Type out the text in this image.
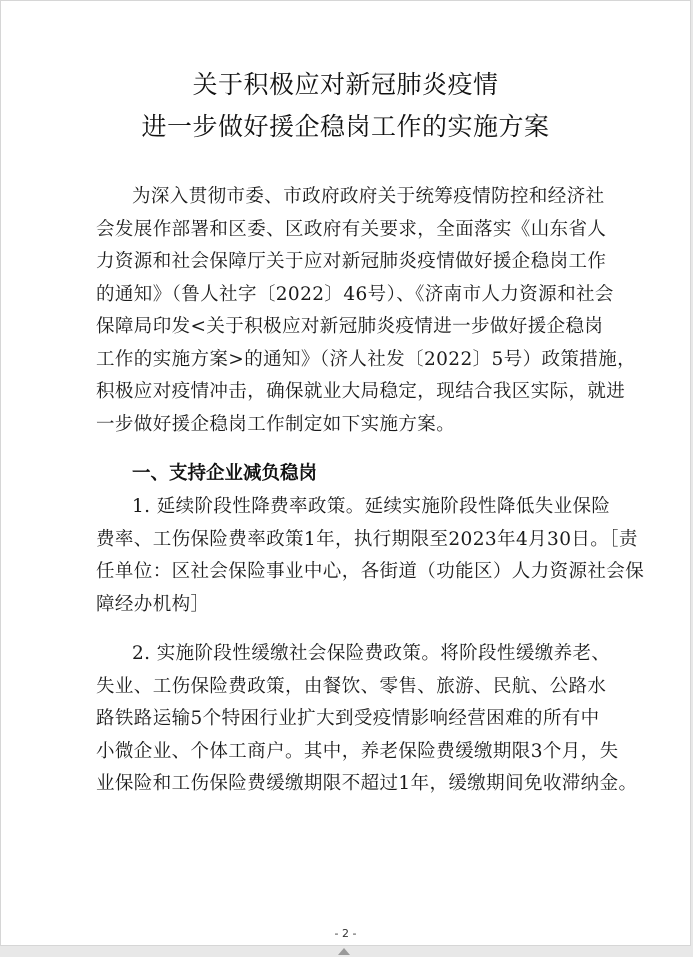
关于积极应对新冠肺炎疫情
进一步做好援企稳岗工作的实施方案
为深入贯彻市委、市政府政府关于统筹疫情防控和经济社
会发展作部署和区委、区政府有关要求，全面落实《山东省人
力资源和社会保障厅关于应对新冠肺炎疫情做好援企稳岗工作
的通知》（鲁人社字〔2022〕46号）、《济南市人力资源和社会
保障局印发<关于积极应对新冠肺炎疫情进一步做好援企稳岗
工作的实施方案>的通知》（济人社发〔2022〕5号）政策措施，
积极应对疫情冲击，确保就业大局稳定，现结合我区实际，就进
一步做好援企稳岗工作制定如下实施方案。
一、支持企业减负稳岗
1. 延续阶段性降费率政策。延续实施阶段性降低失业保险
费率、工伤保险费率政策1年，执行期限至2023年4月30日。［责
任单位：区社会保险事业中心，各街道（功能区）人力资源社会保
障经办机构］
2. 实施阶段性缓缴社会保险费政策。将阶段性缓缴养老、
失业、工伤保险费政策，由餐饮、零售、旅游、民航、公路水
路铁路运输5个特困行业扩大到受疫情影响经营困难的所有中
小微企业、个体工商户。其中，养老保险费缓缴期限3个月，失
业保险和工伤保险费缓缴期限不超过1年，缓缴期间免收滞纳金。
- 2 -
